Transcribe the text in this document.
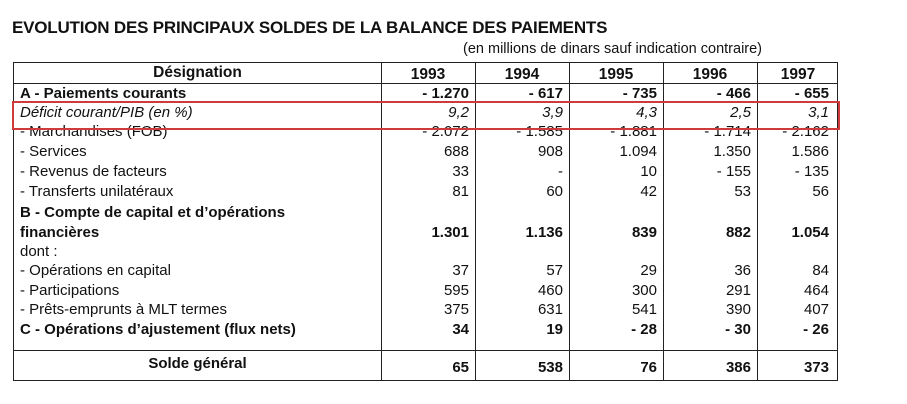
EVOLUTION DES PRINCIPAUX SOLDES DE LA BALANCE DES PAIEMENTS
(en millions de dinars sauf indication contraire)
Désignation	1993	1994	1995	1996	1997
A - Paiements courants	- 1.270	- 617	- 735	- 466	- 655
Déficit courant/PIB (en %)	9,2	3,9	4,3	2,5	3,1
- Marchandises (FOB)	- 2.072	- 1.585	- 1.881	- 1.714	- 2.162
- Services	688	908	1.094	1.350	1.586
- Revenus de facteurs	33	-	10	- 155	- 135
- Transferts unilatéraux	81	60	42	53	56
B - Compte de capital et d’opérations
financières	1.301	1.136	839	882	1.054
dont :
- Opérations en capital	37	57	29	36	84
- Participations	595	460	300	291	464
- Prêts-emprunts à MLT termes	375	631	541	390	407
C - Opérations d’ajustement (flux nets)	34	19	- 28	- 30	- 26
Solde général	65	538	76	386	373
